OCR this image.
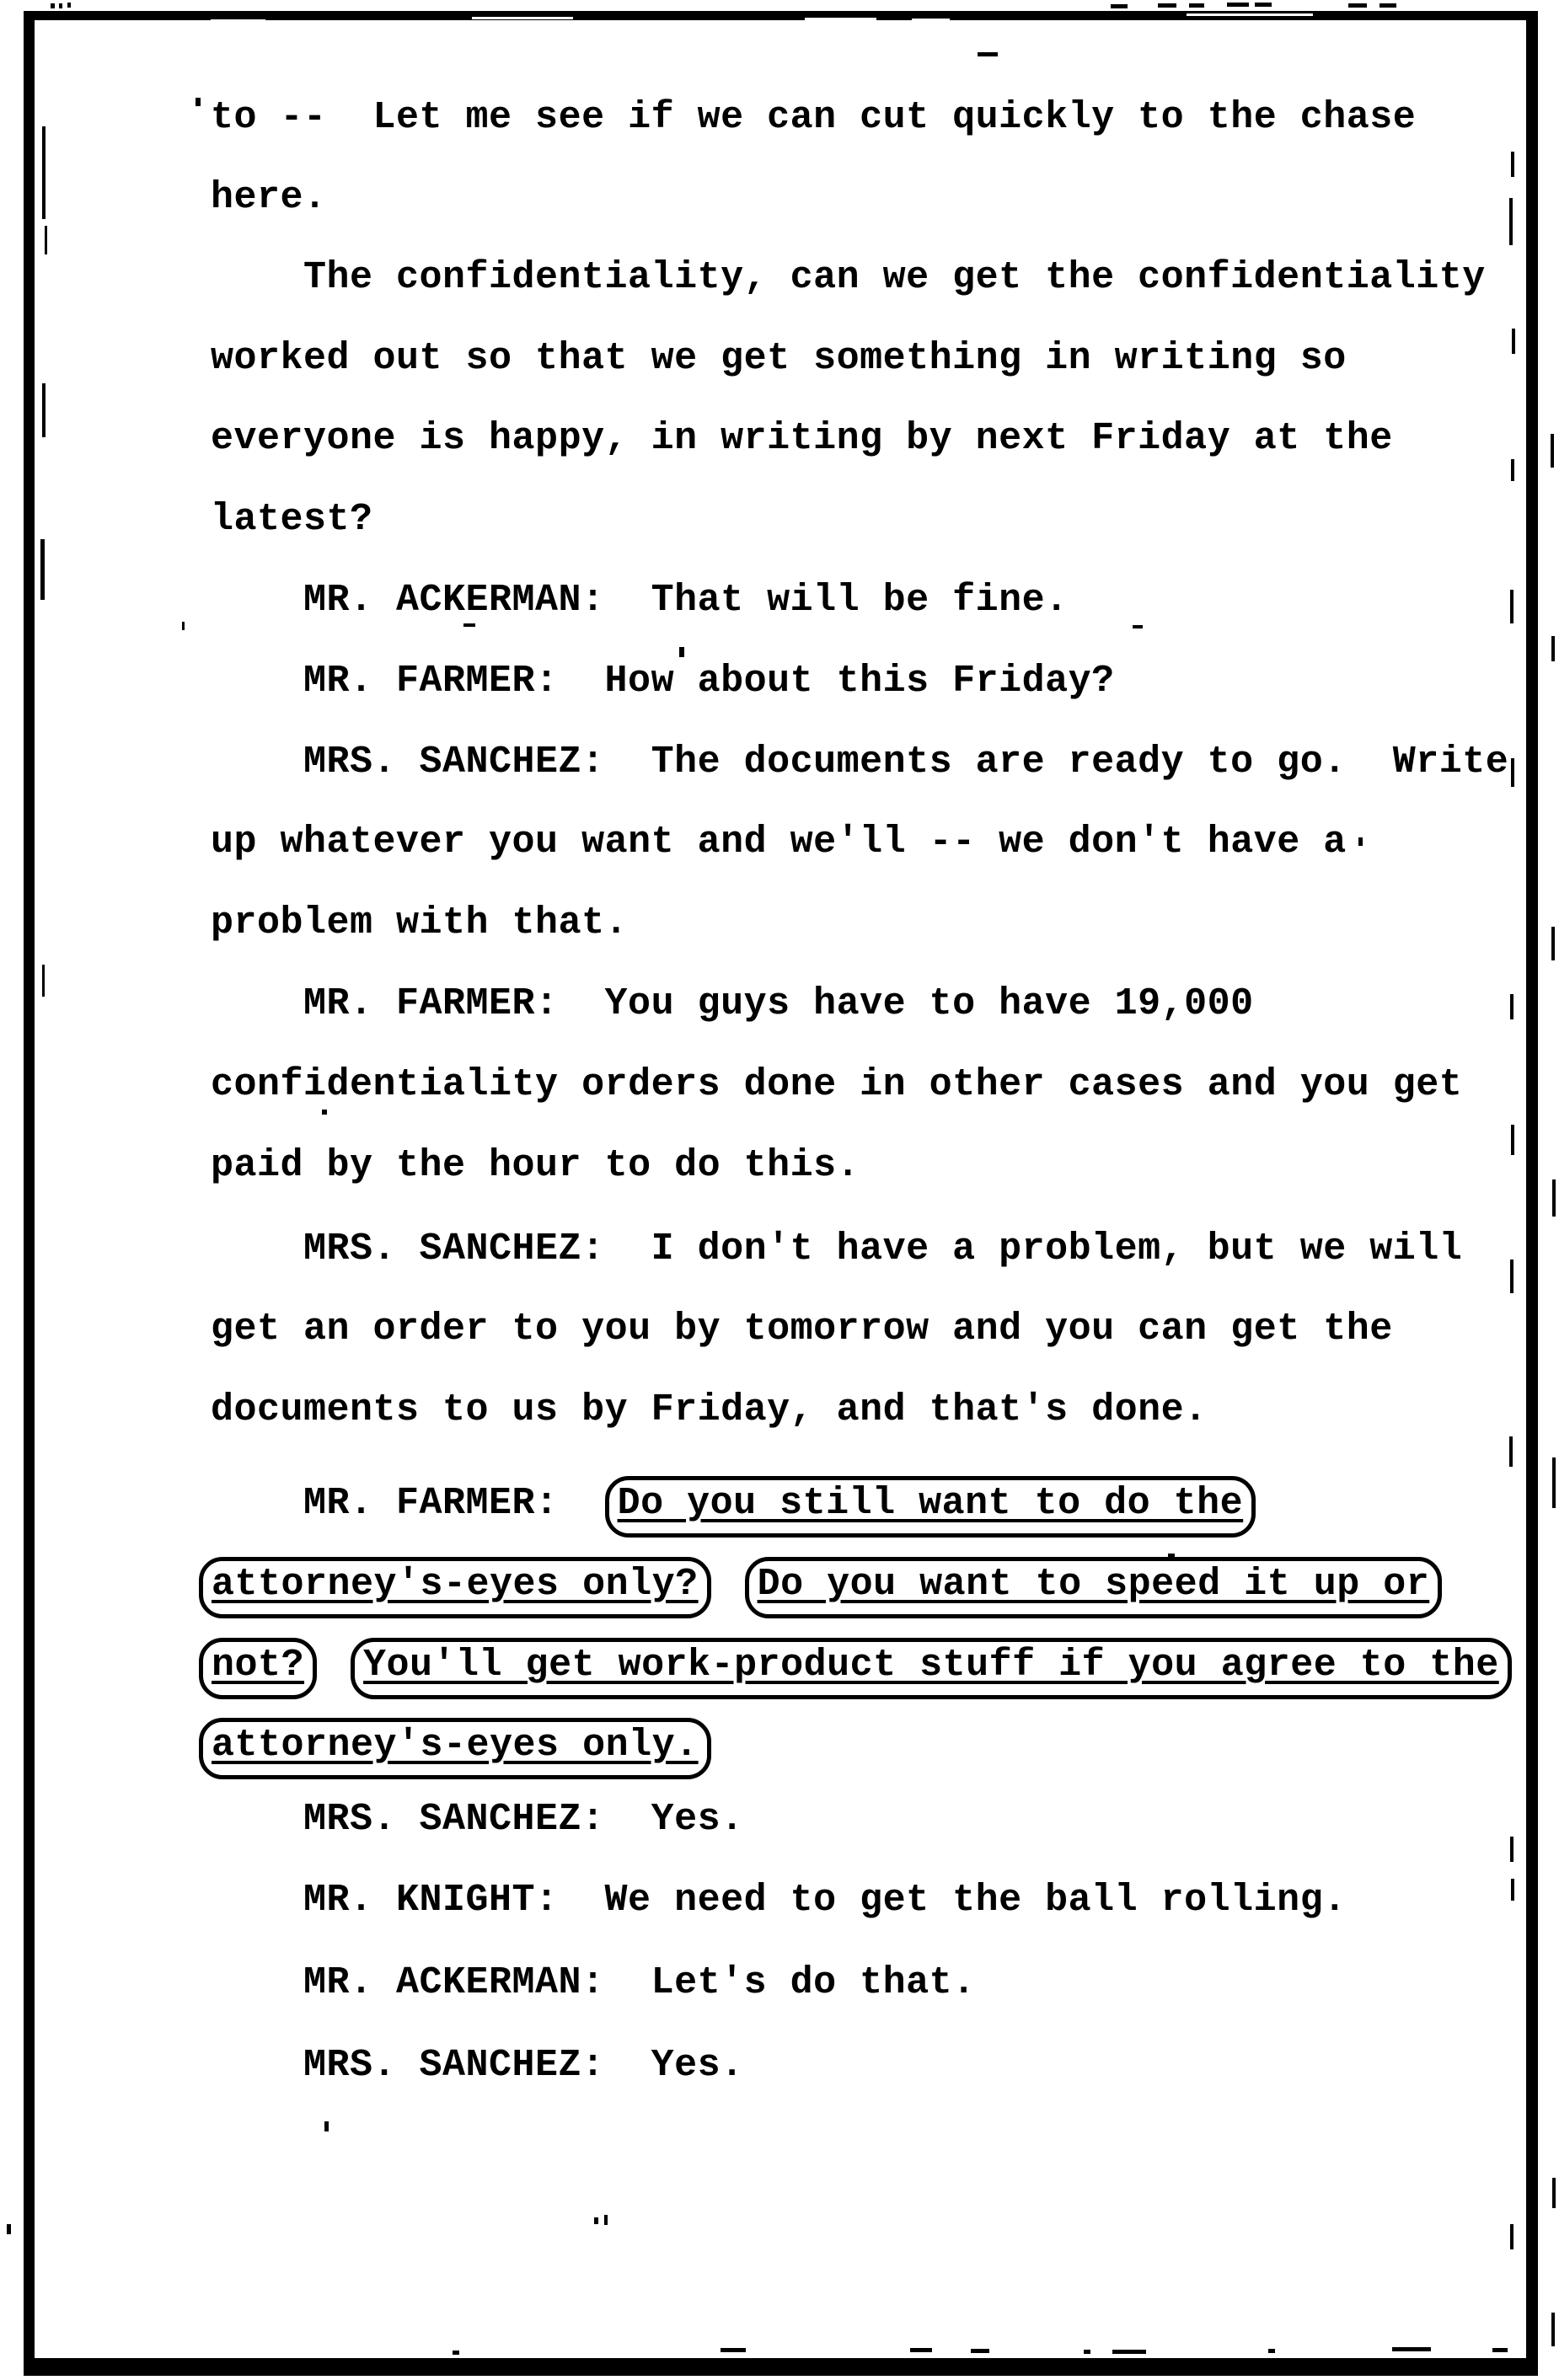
to --  Let me see if we can cut quickly to the chase
here.
The confidentiality, can we get the confidentiality
worked out so that we get something in writing so
everyone is happy, in writing by next Friday at the
latest?
MR. ACKERMAN:  That will be fine.
MR. FARMER:  How about this Friday?
MRS. SANCHEZ:  The documents are ready to go.  Write
up whatever you want and we'll -- we don't have a
problem with that.
MR. FARMER:  You guys have to have 19,000
confidentiality orders done in other cases and you get
paid by the hour to do this.
MRS. SANCHEZ:  I don't have a problem, but we will
get an order to you by tomorrow and you can get the
documents to us by Friday, and that's done.
MR. FARMER:  Do you still want to do the
attorney's-eyes only? Do you want to speed it up or
not? You'll get work-product stuff if you agree to the
attorney's-eyes only.
MRS. SANCHEZ:  Yes.
MR. KNIGHT:  We need to get the ball rolling.
MR. ACKERMAN:  Let's do that.
MRS. SANCHEZ:  Yes.
